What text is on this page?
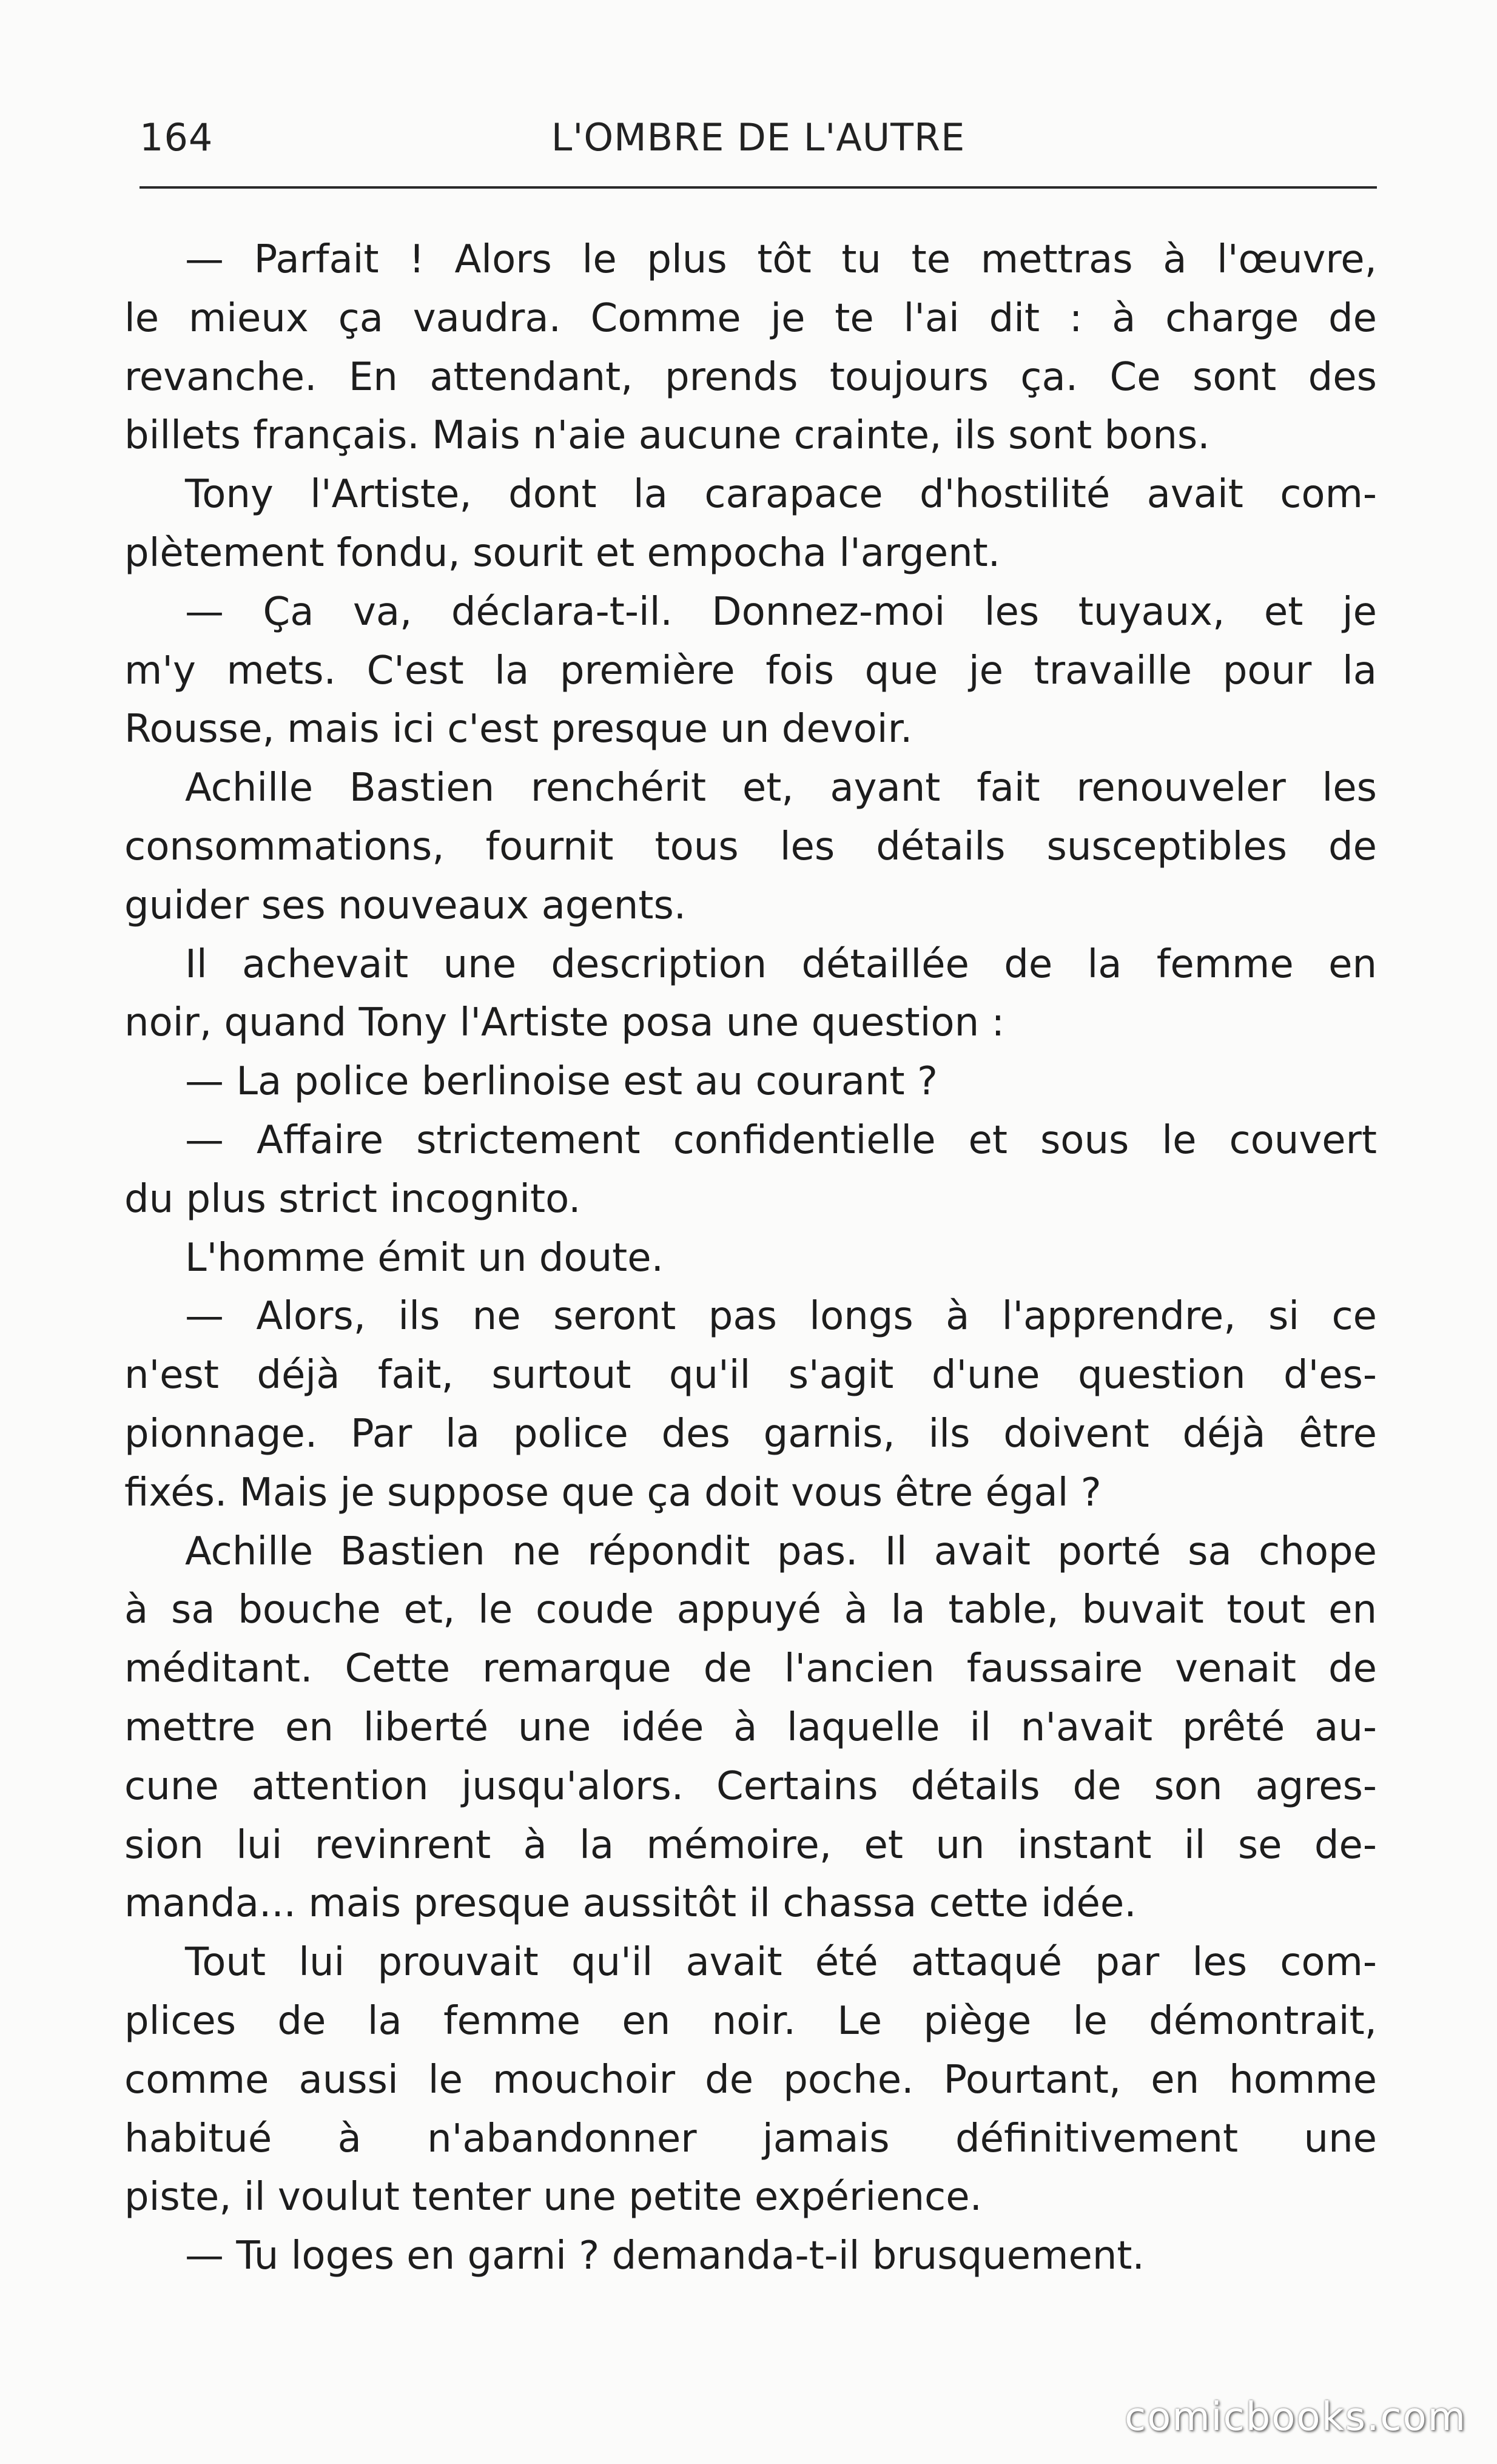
164	L'OMBRE DE L'AUTRE
— Parfait ! Alors le plus tôt tu te mettras à l'œuvre,
le mieux ça vaudra. Comme je te l'ai dit : à charge de
revanche. En attendant, prends toujours ça. Ce sont des
billets français. Mais n'aie aucune crainte, ils sont bons.
Tony l'Artiste, dont la carapace d'hostilité avait com-
plètement fondu, sourit et empocha l'argent.
— Ça va, déclara-t-il. Donnez-moi les tuyaux, et je
m'y mets. C'est la première fois que je travaille pour la
Rousse, mais ici c'est presque un devoir.
Achille Bastien renchérit et, ayant fait renouveler les
consommations, fournit tous les détails susceptibles de
guider ses nouveaux agents.
Il achevait une description détaillée de la femme en
noir, quand Tony l'Artiste posa une question :
— La police berlinoise est au courant ?
— Affaire strictement confidentielle et sous le couvert
du plus strict incognito.
L'homme émit un doute.
— Alors, ils ne seront pas longs à l'apprendre, si ce
n'est déjà fait, surtout qu'il s'agit d'une question d'es-
pionnage. Par la police des garnis, ils doivent déjà être
fixés. Mais je suppose que ça doit vous être égal ?
Achille Bastien ne répondit pas. Il avait porté sa chope
à sa bouche et, le coude appuyé à la table, buvait tout en
méditant. Cette remarque de l'ancien faussaire venait de
mettre en liberté une idée à laquelle il n'avait prêté au-
cune attention jusqu'alors. Certains détails de son agres-
sion lui revinrent à la mémoire, et un instant il se de-
manda... mais presque aussitôt il chassa cette idée.
Tout lui prouvait qu'il avait été attaqué par les com-
plices de la femme en noir. Le piège le démontrait,
comme aussi le mouchoir de poche. Pourtant, en homme
habitué à n'abandonner jamais définitivement une
piste, il voulut tenter une petite expérience.
— Tu loges en garni ? demanda-t-il brusquement.
comicbooks.com
